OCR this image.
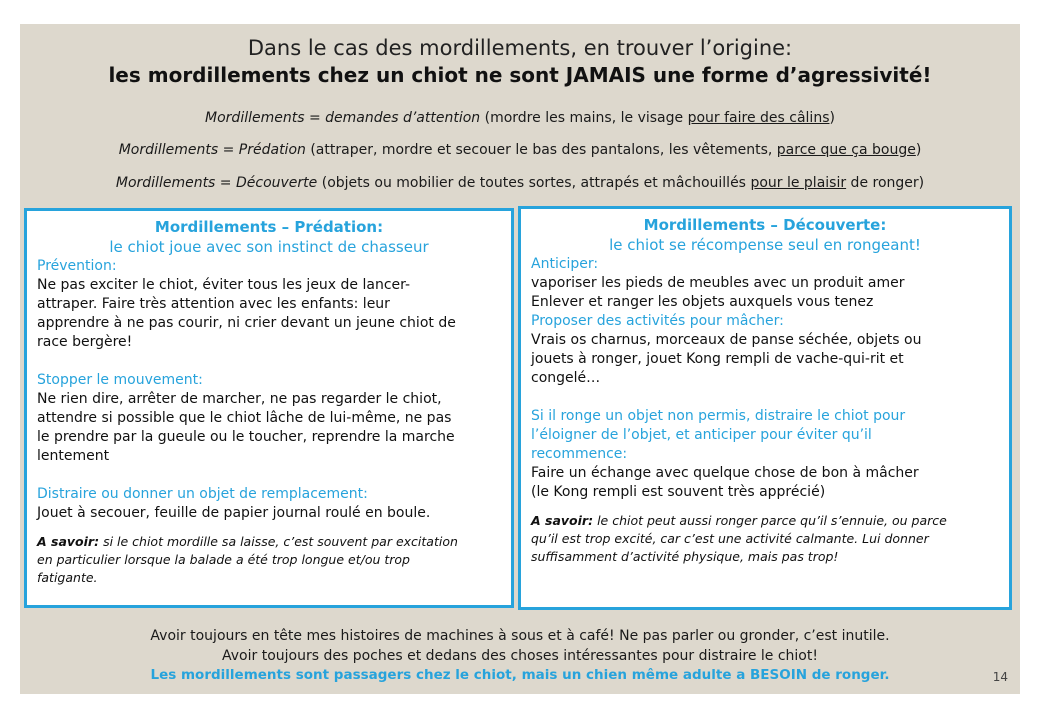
Dans le cas des mordillements, en trouver l’origine:
les mordillements chez un chiot ne sont JAMAIS une forme d’agressivité!
Mordillements = demandes d’attention (mordre les mains, le visage pour faire des câlins)
Mordillements = Prédation (attraper, mordre et secouer le bas des pantalons, les vêtements, parce que ça bouge)
Mordillements = Découverte (objets ou mobilier de toutes sortes, attrapés et mâchouillés pour le plaisir de ronger)
Mordillements – Prédation:
le chiot joue avec son instinct de chasseur
Prévention:
Ne pas exciter le chiot, éviter tous les jeux de lancer-
attraper. Faire très attention avec les enfants: leur
apprendre à ne pas courir, ni crier devant un jeune chiot de
race bergère!
Stopper le mouvement:
Ne rien dire, arrêter de marcher, ne pas regarder le chiot,
attendre si possible que le chiot lâche de lui-même, ne pas
le prendre par la gueule ou le toucher, reprendre la marche
lentement
Distraire ou donner un objet de remplacement:
Jouet à secouer, feuille de papier journal roulé en boule.
A savoir: si le chiot mordille sa laisse, c’est souvent par excitation
en particulier lorsque la balade a été trop longue et/ou trop
fatigante.
Mordillements – Découverte:
le chiot se récompense seul en rongeant!
Anticiper:
vaporiser les pieds de meubles avec un produit amer
Enlever et ranger les objets auxquels vous tenez
Proposer des activités pour mâcher:
Vrais os charnus, morceaux de panse séchée, objets ou
jouets à ronger, jouet Kong rempli de vache-qui-rit et
congelé…
Si il ronge un objet non permis, distraire le chiot pour
l’éloigner de l’objet, et anticiper pour éviter qu’il
recommence:
Faire un échange avec quelque chose de bon à mâcher
(le Kong rempli est souvent très apprécié)
A savoir: le chiot peut aussi ronger parce qu’il s’ennuie, ou parce
qu’il est trop excité, car c’est une activité calmante. Lui donner
suffisamment d’activité physique, mais pas trop!
Avoir toujours en tête mes histoires de machines à sous et à café! Ne pas parler ou gronder, c’est inutile.
Avoir toujours des poches et dedans des choses intéressantes pour distraire le chiot!
Les mordillements sont passagers chez le chiot, mais un chien même adulte a BESOIN de ronger.	14
